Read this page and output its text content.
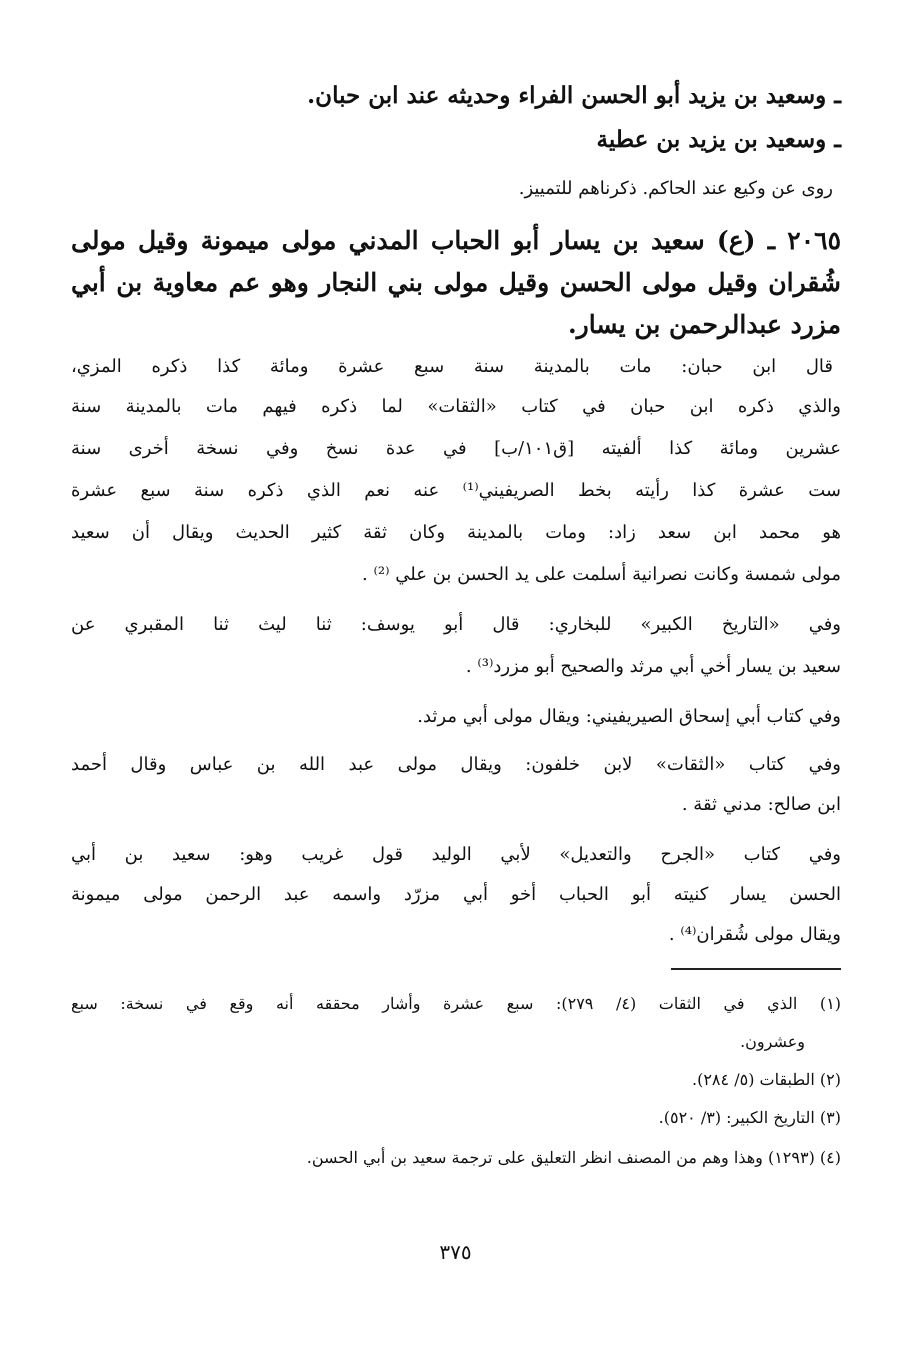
ـ وسعيد بن يزيد أبو الحسن الفراء وحديثه عند ابن حبان.
ـ وسعيد بن يزيد بن عطية
روى عن وكيع عند الحاكم. ذكرناهم للتمييز.
٢٠٦٥ ـ (ع) سعيد بن يسار أبو الحباب المدني مولى ميمونة وقيل مولى
شُقران وقيل مولى الحسن وقيل مولى بني النجار وهو عم معاوية بن أبي
مزرد عبدالرحمن بن يسار.
قال ابن حبان: مات بالمدينة سنة سبع عشرة ومائة كذا ذكره المزي،
والذي ذكره ابن حبان في كتاب «الثقات» لما ذكره فيهم مات بالمدينة سنة
عشرين ومائة كذا ألفيته [ق١٠١/ب] في عدة نسخ وفي نسخة أخرى سنة
ست عشرة كذا رأيته بخط الصريفيني⁽¹⁾ عنه نعم الذي ذكره سنة سبع عشرة
هو محمد ابن سعد زاد: ومات بالمدينة وكان ثقة كثير الحديث ويقال أن سعيد
مولى شمسة وكانت نصرانية أسلمت على يد الحسن بن علي ⁽²⁾ .
وفي «التاريخ الكبير» للبخاري: قال أبو يوسف: ثنا ليث ثنا المقبري عن
سعيد بن يسار أخي أبي مرثد والصحيح أبو مزرد⁽³⁾ .
وفي كتاب أبي إسحاق الصيريفيني: ويقال مولى أبي مرثد.
وفي كتاب «الثقات» لابن خلفون: ويقال مولى عبد الله بن عباس وقال أحمد
ابن صالح: مدني ثقة .
وفي كتاب «الجرح والتعديل» لأبي الوليد قول غريب وهو: سعيد بن أبي
الحسن يسار كنيته أبو الحباب أخو أبي مزرّد واسمه عبد الرحمن مولى ميمونة
ويقال مولى شُقران⁽⁴⁾ .
(١) الذي في الثقات (٤/ ٢٧٩): سبع عشرة وأشار محققه أنه وقع في نسخة: سبع
وعشرون.
(٢) الطبقات (٥/ ٢٨٤).
(٣) التاريخ الكبير: (٣/ ٥٢٠).
(٤) (١٢٩٣) وهذا وهم من المصنف انظر التعليق على ترجمة سعيد بن أبي الحسن.
٣٧٥
